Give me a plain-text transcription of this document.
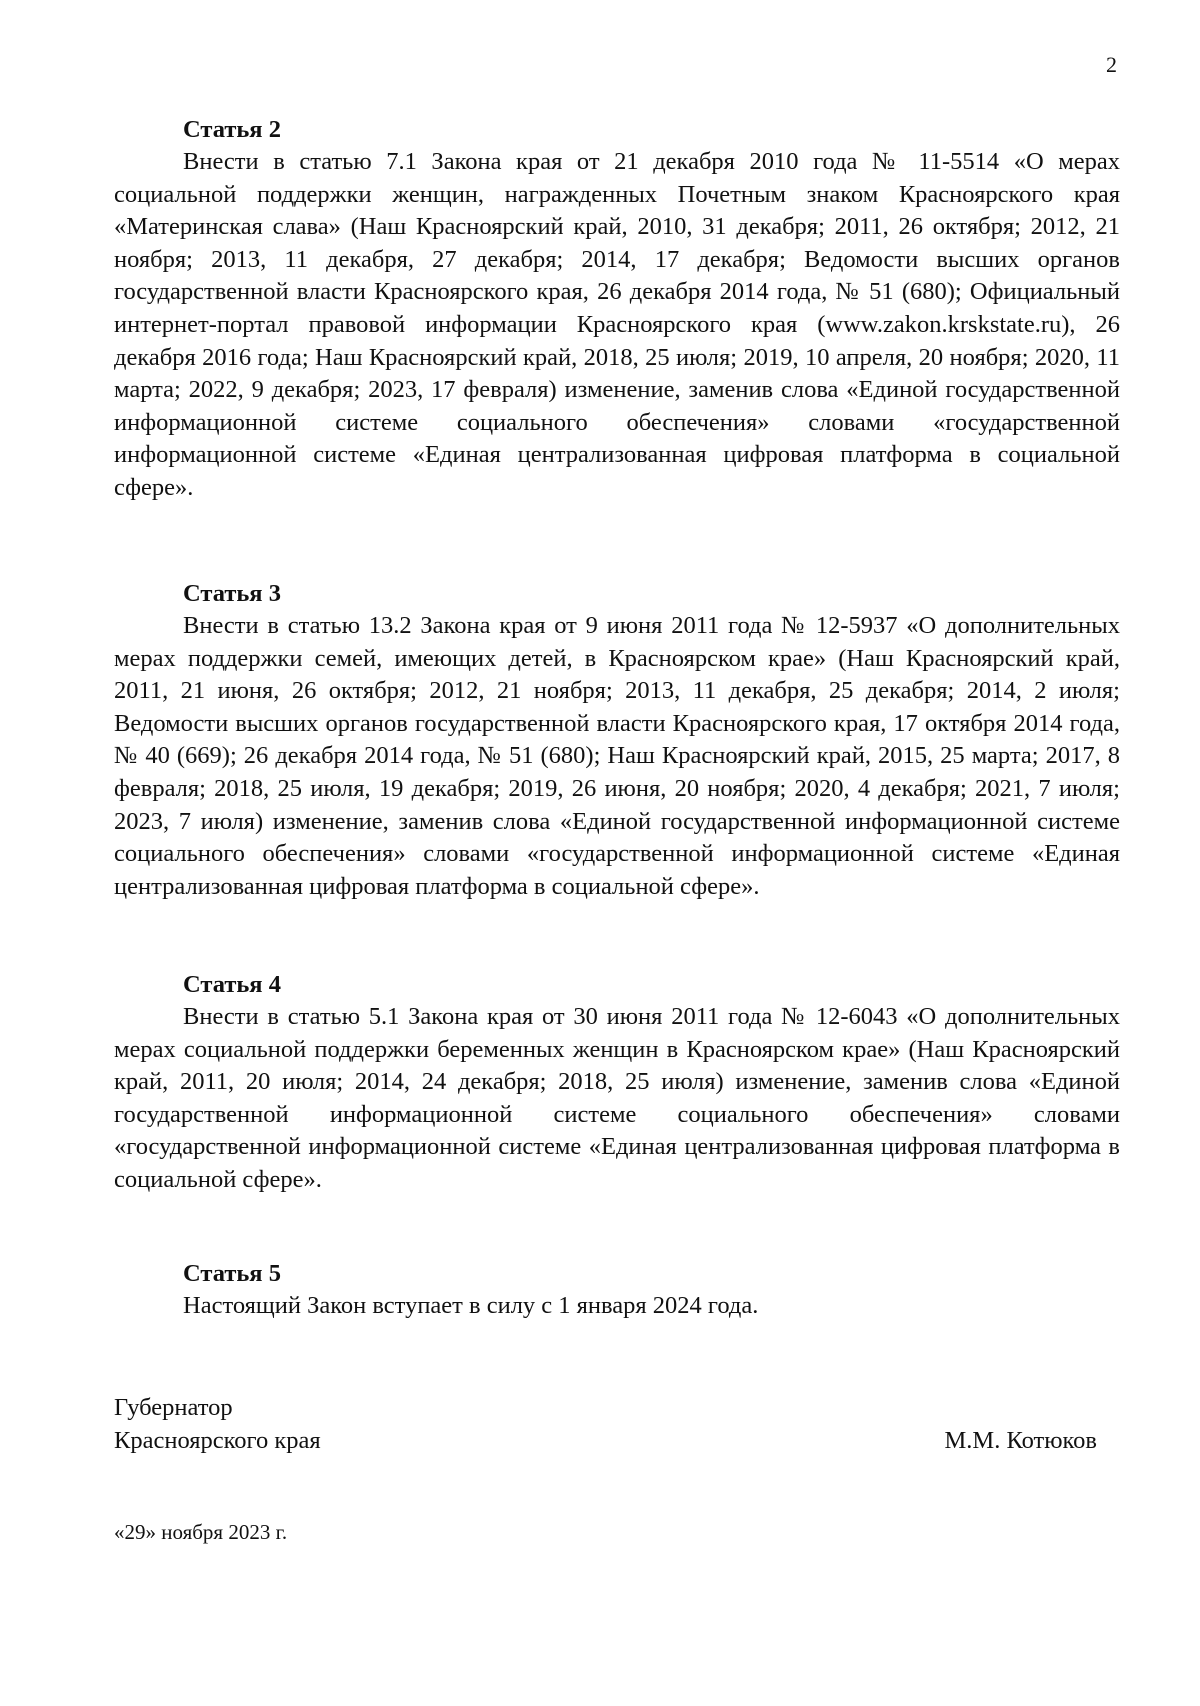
2

Статья 2

Внести в статью 7.1 Закона края от 21 декабря 2010 года № 11-5514 «О мерах социальной поддержки женщин, награжденных Почетным знаком Красноярского края «Материнская слава» (Наш Красноярский край, 2010, 31 декабря; 2011, 26 октября; 2012, 21 ноября; 2013, 11 декабря, 27 декабря; 2014, 17 декабря; Ведомости высших органов государственной власти Красноярского края, 26 декабря 2014 года, № 51 (680); Официальный интернет-портал правовой информации Красноярского края (www.zakon.krskstate.ru), 26 декабря 2016 года; Наш Красноярский край, 2018, 25 июля; 2019, 10 апреля, 20 ноября; 2020, 11 марта; 2022, 9 декабря; 2023, 17 февраля) изменение, заменив слова «Единой государственной информационной системе социального обеспечения» словами «государственной информационной системе «Единая централизованная цифровая платформа в социальной сфере».

Статья 3

Внести в статью 13.2 Закона края от 9 июня 2011 года № 12-5937 «О дополнительных мерах поддержки семей, имеющих детей, в Красноярском крае» (Наш Красноярский край, 2011, 21 июня, 26 октября; 2012, 21 ноября; 2013, 11 декабря, 25 декабря; 2014, 2 июля; Ведомости высших органов государственной власти Красноярского края, 17 октября 2014 года, № 40 (669); 26 декабря 2014 года, № 51 (680); Наш Красноярский край, 2015, 25 марта; 2017, 8 февраля; 2018, 25 июля, 19 декабря; 2019, 26 июня, 20 ноября; 2020, 4 декабря; 2021, 7 июля; 2023, 7 июля) изменение, заменив слова «Единой государственной информационной системе социального обеспечения» словами «государственной информационной системе «Единая централизованная цифровая платформа в социальной сфере».

Статья 4

Внести в статью 5.1 Закона края от 30 июня 2011 года № 12-6043 «О дополнительных мерах социальной поддержки беременных женщин в Красноярском крае» (Наш Красноярский край, 2011, 20 июля; 2014, 24 декабря; 2018, 25 июля) изменение, заменив слова «Единой государственной информационной системе социального обеспечения» словами «государственной информационной системе «Единая централизованная цифровая платформа в социальной сфере».

Статья 5

Настоящий Закон вступает в силу с 1 января 2024 года.

Губернатор

Красноярского края	М.М. Котюков

«29» ноября 2023 г.
